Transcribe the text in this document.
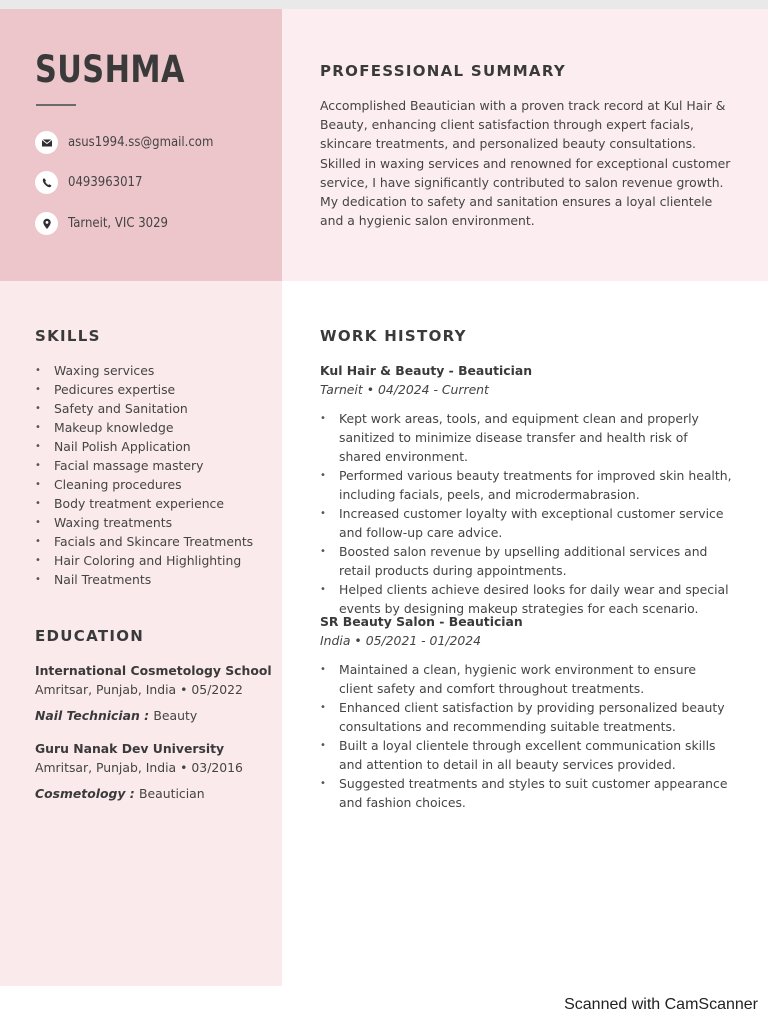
SUSHMA
asus1994.ss@gmail.com
0493963017
Tarneit, VIC 3029
PROFESSIONAL SUMMARY

Accomplished Beautician with a proven track record at Kul Hair & Beauty, enhancing client satisfaction through expert facials, skincare treatments, and personalized beauty consultations. Skilled in waxing services and renowned for exceptional customer service, I have significantly contributed to salon revenue growth. My dedication to safety and sanitation ensures a loyal clientele and a hygienic salon environment.

SKILLS
• Waxing services
• Pedicures expertise
• Safety and Sanitation
• Makeup knowledge
• Nail Polish Application
• Facial massage mastery
• Cleaning procedures
• Body treatment experience
• Waxing treatments
• Facials and Skincare Treatments
• Hair Coloring and Highlighting
• Nail Treatments
EDUCATION
International Cosmetology School
Amritsar, Punjab, India • 05/2022
Nail Technician : Beauty
Guru Nanak Dev University
Amritsar, Punjab, India • 03/2016
Cosmetology : Beautician
WORK HISTORY
Kul Hair & Beauty - Beautician
Tarneit • 04/2024 - Current
• Kept work areas, tools, and equipment clean and properly sanitized to minimize disease transfer and health risk of shared environment.
• Performed various beauty treatments for improved skin health, including facials, peels, and microdermabrasion.
• Increased customer loyalty with exceptional customer service and follow-up care advice.
• Boosted salon revenue by upselling additional services and retail products during appointments.
• Helped clients achieve desired looks for daily wear and special events by designing makeup strategies for each scenario.
SR Beauty Salon - Beautician
India • 05/2021 - 01/2024
• Maintained a clean, hygienic work environment to ensure client safety and comfort throughout treatments.
• Enhanced client satisfaction by providing personalized beauty consultations and recommending suitable treatments.
• Built a loyal clientele through excellent communication skills and attention to detail in all beauty services provided.
• Suggested treatments and styles to suit customer appearance and fashion choices.
Scanned with CamScanner
